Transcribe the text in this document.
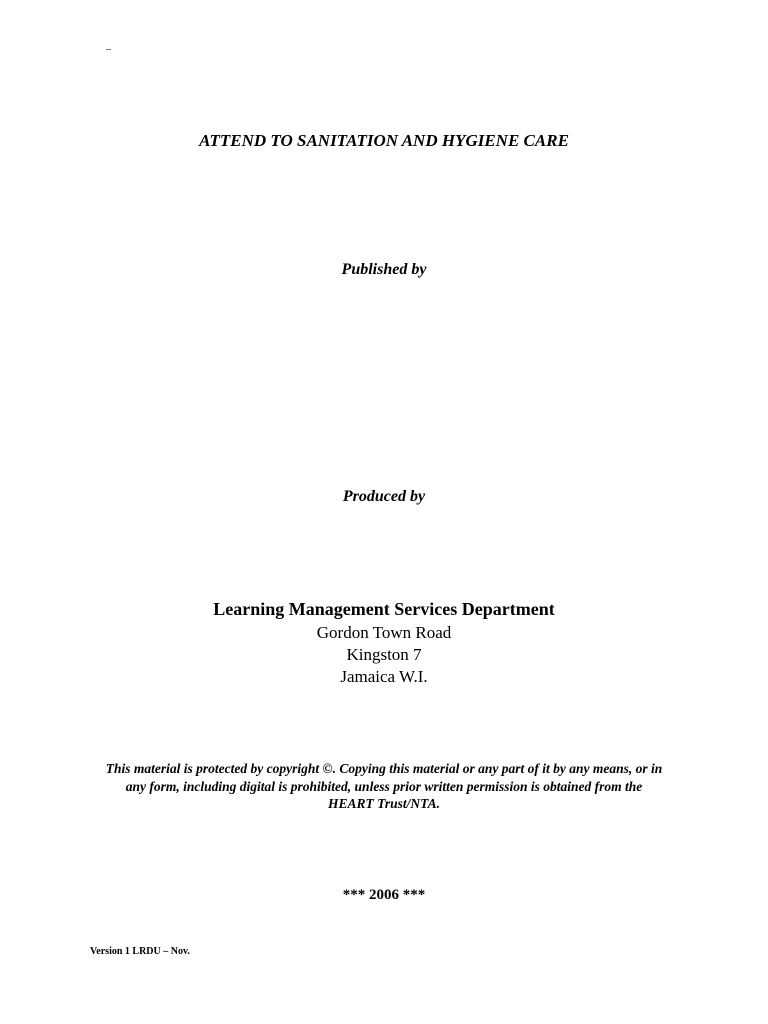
–
ATTEND TO SANITATION AND HYGIENE CARE
Published by
Produced by
Learning Management Services Department
Gordon Town Road
Kingston 7
Jamaica W.I.
This material is protected by copyright ©. Copying this material or any part of it by any means, or in any form, including digital is prohibited, unless prior written permission is obtained from the HEART Trust/NTA.
*** 2006 ***
Version 1 LRDU – Nov.
